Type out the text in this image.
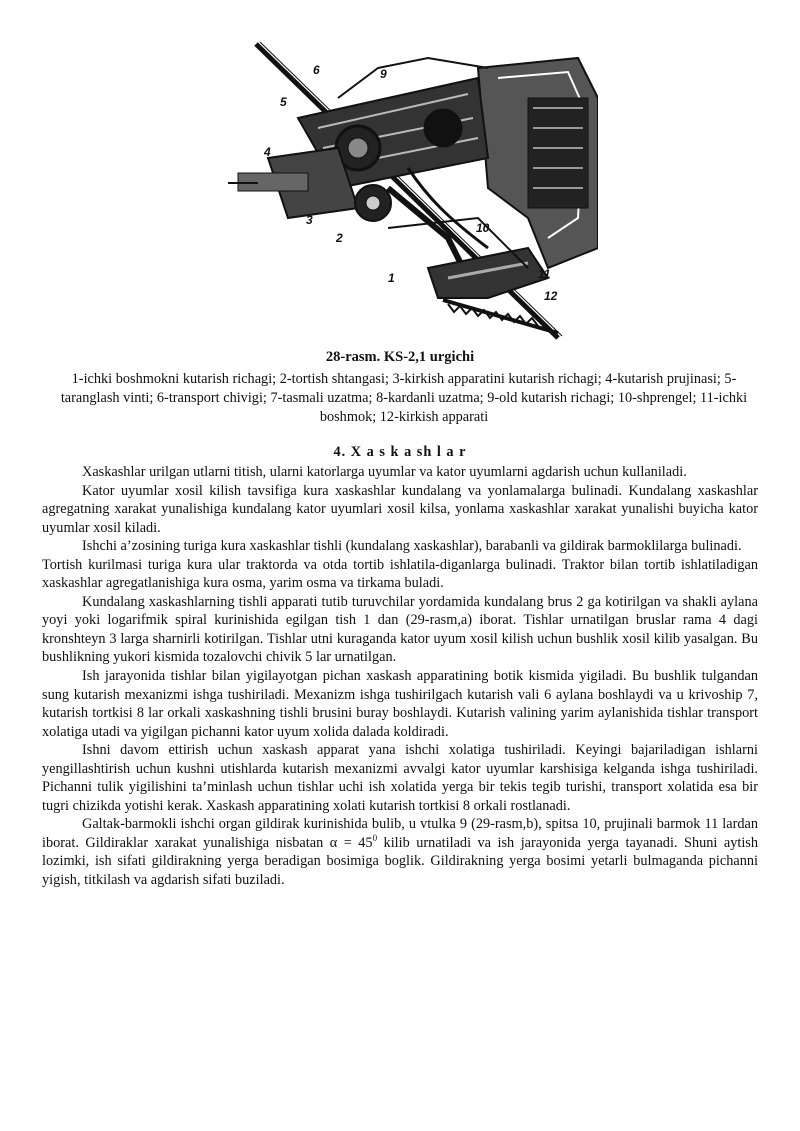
6	9
5
4
3
2
10
1	11
12
28-rasm. KS-2,1 urgichi
1-ichki boshmokni kutarish richagi; 2-tortish shtangasi; 3-kirkish apparatini kutarish richagi; 4-kutarish prujinasi; 5-taranglash vinti; 6-transport chivigi; 7-tasmali uzatma; 8-kardanli uzatma; 9-old kutarish richagi; 10-shprengel; 11-ichki boshmok; 12-kirkish apparati
4. X a s k a sh l a r

Xaskashlar urilgan utlarni titish, ularni katorlarga uyumlar va kator uyumlarni agdarish uchun kullaniladi.

Kator uyumlar xosil kilish tavsifiga kura xaskashlar kundalang va yonlamalarga bulinadi. Kundalang xaskashlar agregatning xarakat yunalishiga kundalang kator uyumlari xosil kilsa, yonlama xaskashlar xarakat yunalishi buyicha kator uyumlar xosil kiladi.

Ishchi a’zosining turiga kura xaskashlar tishli (kundalang xaskashlar), barabanli va gildirak barmoklilarga bulinadi.

Tortish kurilmasi turiga kura ular traktorda va otda tortib ishlatila-diganlarga bulinadi. Traktor bilan tortib ishlatiladigan xaskashlar agregatlanishiga kura osma, yarim osma va tirkama buladi.

Kundalang xaskashlarning tishli apparati tutib turuvchilar yordamida kundalang brus 2 ga kotirilgan va shakli aylana yoyi yoki logarifmik spiral kurinishida egilgan tish 1 dan (29-rasm,a) iborat. Tishlar urnatilgan bruslar rama 4 dagi kronshteyn 3 larga sharnirli kotirilgan. Tishlar utni kuraganda kator uyum xosil kilish uchun bushlik xosil kilib yasalgan. Bu bushlikning yukori kismida tozalovchi chivik 5 lar urnatilgan.

Ish jarayonida tishlar bilan yigilayotgan pichan xaskash apparatining botik kismida yigiladi. Bu bushlik tulgandan sung kutarish mexanizmi ishga tushiriladi. Mexanizm ishga tushirilgach kutarish vali 6 aylana boshlaydi va u krivoship 7, kutarish tortkisi 8 lar orkali xaskashning tishli brusini buray boshlaydi. Kutarish valining yarim aylanishida tishlar transport xolatiga utadi va yigilgan pichanni kator uyum xolida dalada koldiradi.

Ishni davom ettirish uchun xaskash apparat yana ishchi xolatiga tushiriladi. Keyingi bajariladigan ishlarni yengillashtirish uchun kushni utishlarda kutarish mexanizmi avvalgi kator uyumlar karshisiga kelganda ishga tushiriladi. Pichanni tulik yigilishini ta’minlash uchun tishlar uchi ish xolatida yerga bir tekis tegib turishi, transport xolatida esa bir tugri chizikda yotishi kerak. Xaskash apparatining xolati kutarish tortkisi 8 orkali rostlanadi.

Galtak-barmokli ishchi organ gildirak kurinishida bulib, u vtulka 9 (29-rasm,b), spitsa 10, prujinali barmok 11 lardan iborat. Gildiraklar xarakat yunalishiga nisbatan $\alpha = 45^0$ kilib urnatiladi va ish jarayonida yerga tayanadi. Shuni aytish lozimki, ish sifati gildirakning yerga beradigan bosimiga boglik. Gildirakning yerga bosimi yetarli bulmaganda pichanni yigish, titkilash va agdarish sifati buziladi.
